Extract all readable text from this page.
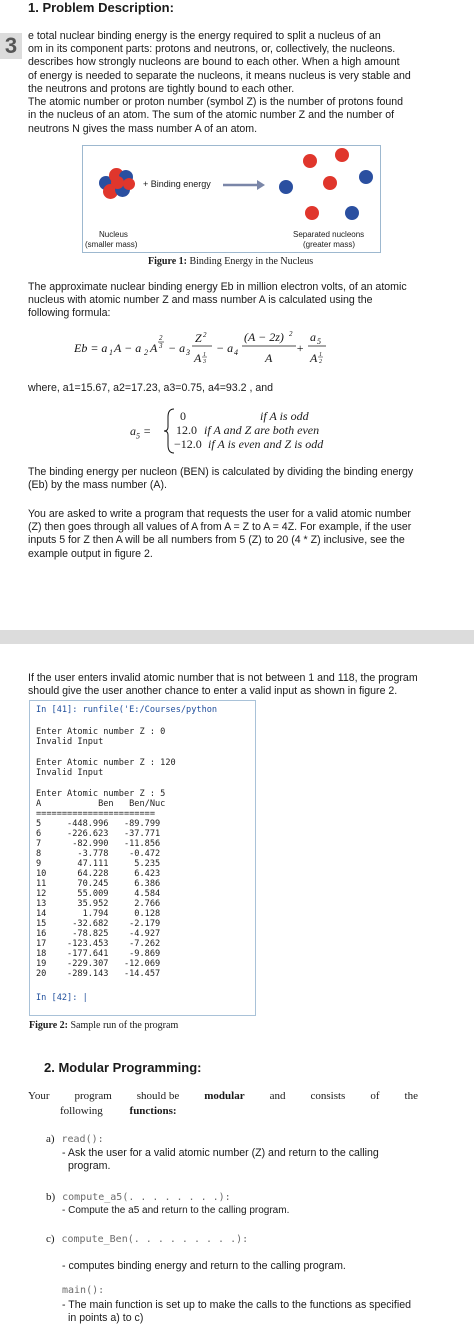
1. Problem Description:
3	e total nuclear binding energy is the energy required to split a nucleus of an
om in its component parts: protons and neutrons, or, collectively, the nucleons.
describes how strongly nucleons are bound to each other. When a high amount
of energy is needed to separate the nucleons, it means nucleus is very stable and
the neutrons and protons are tightly bound to each other.
The atomic number or proton number (symbol Z) is the number of protons found
in the nucleus of an atom. The sum of the atomic number Z and the number of
neutrons N gives the mass number A of an atom.
+ Binding energy
Nucleus
(smaller mass)
Separated nucleons
(greater mass)
Figure 1: Binding Energy in the Nucleus
The approximate nuclear binding energy Eb in million electron volts, of an atomic
nucleus with atomic number Z and mass number A is calculated using the
following formula:
Eb = a 1 A − a 2 A
2
3 − a 3
Z 2
A 1
3
− a 4
(A − 2z) 2
A
+
a 5
A 1
2
where, a1=15.67, a2=17.23, a3=0.75, a4=93.2 , and
$a_5$ =
0	if A is odd
12.0 if A and Z are both even
−12.0 if A is even and Z is odd
The binding energy per nucleon (BEN) is calculated by dividing the binding energy
(Eb) by the mass number (A).
You are asked to write a program that requests the user for a valid atomic number
(Z) then goes through all values of A from A = Z to A = 4Z. For example, if the user
inputs 5 for Z then A will be all numbers from 5 (Z) to 20 (4 * Z) inclusive, see the
example output in figure 2.
If the user enters invalid atomic number that is not between 1 and 118, the program
should give the user another chance to enter a valid input as shown in figure 2.
In [41]: runfile('E:/Courses/python
Enter Atomic number Z : 0
Invalid Input
Enter Atomic number Z : 120
Invalid Input
Enter Atomic number Z : 5
A           Ben   Ben/Nuc
=======================
5     -448.996   -89.799
6     -226.623   -37.771
7      -82.990   -11.856
8       -3.778    -0.472
9       47.111     5.235
10      64.228     6.423
11      70.245     6.386
12      55.009     4.584
13      35.952     2.766
14       1.794     0.128
15     -32.682    -2.179
16     -78.825    -4.927
17    -123.453    -7.262
18    -177.641    -9.869
19    -229.307   -12.069
20    -289.143   -14.457
In [42]: |
Figure 2: Sample run of the program
2. Modular Programming:
Your program should be modular and consists of the
following functions:
a) read():
- Ask the user for a valid atomic number (Z) and return to the calling
program.
b) compute_a5(. . . . . . . .):
- Compute the a5 and return to the calling program.
c) compute_Ben(. . . . . . . . .):
- computes binding energy and return to the calling program.
main():
- The main function is set up to make the calls to the functions as specified
in points a) to c)
